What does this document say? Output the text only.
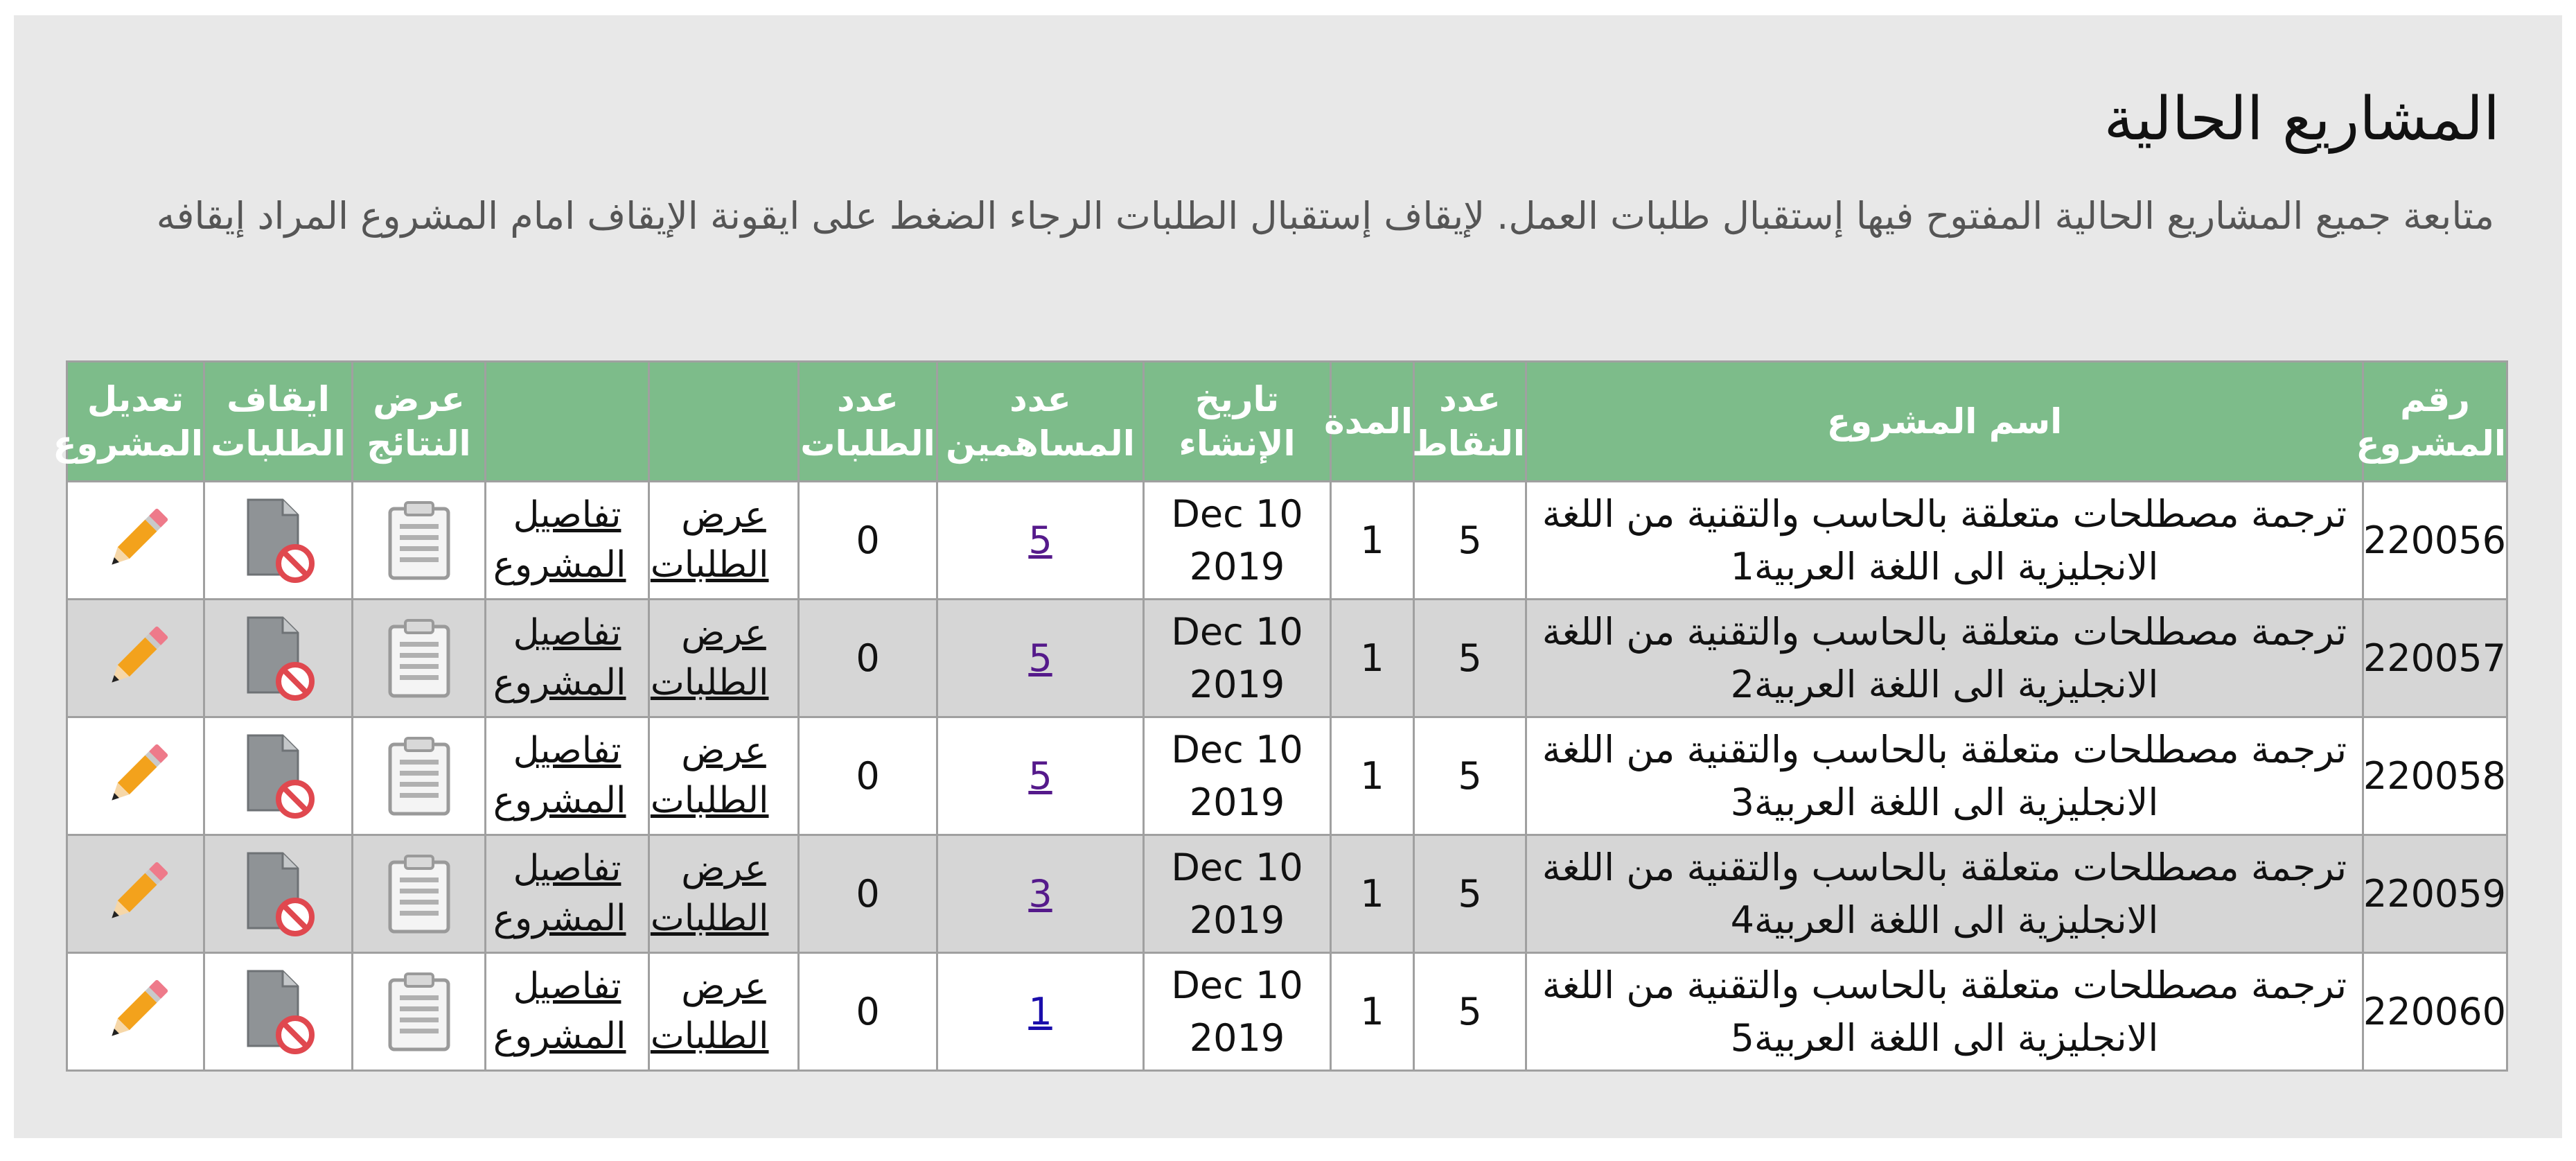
المشاريع الحالية
متابعة جميع المشاريع الحالية المفتوح فيها إستقبال طلبات العمل. لإيقاف إستقبال الطلبات الرجاء الضغط على ايقونة الإيقاف امام المشروع المراد إيقافه
رقم المشروع	اسم المشروع	عدد النقاط	المدة	تاريخ الإنشاء	عدد المساهمين	عدد الطلبات			عرض النتائج	ايقاف الطلبات	تعديل المشروع
220056	ترجمة مصطلحات متعلقة بالحاسب والتقنية من اللغة الانجليزية الى اللغة العربية1	5	1	Dec 10 2019	5	0	عرض الطلبات	تفاصيل المشروع	

220057	ترجمة مصطلحات متعلقة بالحاسب والتقنية من اللغة الانجليزية الى اللغة العربية2	5	1	Dec 10 2019	5	0	عرض الطلبات	تفاصيل المشروع	

220058	ترجمة مصطلحات متعلقة بالحاسب والتقنية من اللغة الانجليزية الى اللغة العربية3	5	1	Dec 10 2019	5	0	عرض الطلبات	تفاصيل المشروع	

220059	ترجمة مصطلحات متعلقة بالحاسب والتقنية من اللغة الانجليزية الى اللغة العربية4	5	1	Dec 10 2019	3	0	عرض الطلبات	تفاصيل المشروع	

220060	ترجمة مصطلحات متعلقة بالحاسب والتقنية من اللغة الانجليزية الى اللغة العربية5	5	1	Dec 10 2019	1	0	عرض الطلبات	تفاصيل المشروع	
